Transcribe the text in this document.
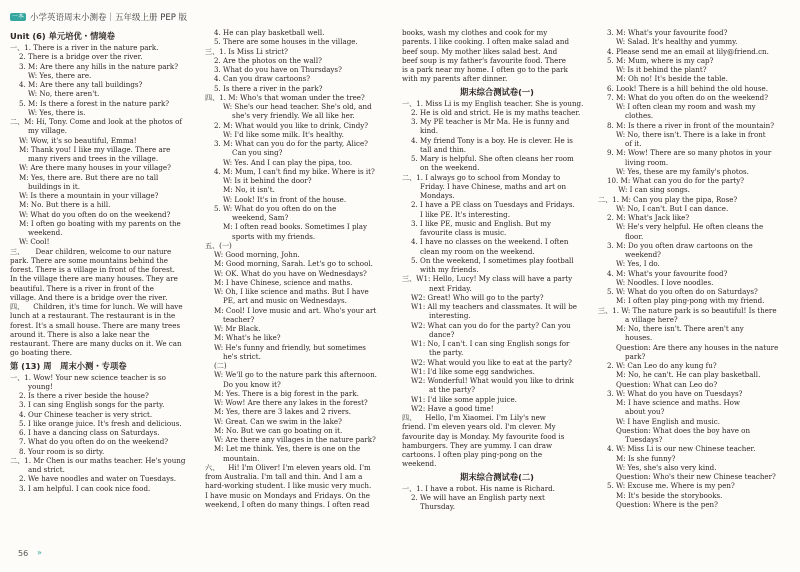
一本 小学英语周末小测卷｜五年级上册 PEP 版
Unit (6) 单元培优・情境卷
一、1. There is a river in the nature park.
2. There is a bridge over the river.
3. M: Are there any hills in the nature park?
W: Yes, there are.
4. M: Are there any tall buildings?
W: No, there aren't.
5. M: Is there a forest in the nature park?
W: Yes, there is.
二、M: Hi, Tony. Come and look at the photos of
my village.
W: Wow, it's so beautiful, Emma!
M: Thank you! I like my village. There are
many rivers and trees in the village.
W: Are there many houses in your village?
M: Yes, there are. But there are no tall
buildings in it.
W: Is there a mountain in your village?
M: No. But there is a hill.
W: What do you often do on the weekend?
M: I often go boating with my parents on the
weekend.
W: Cool!
三、     Dear children, welcome to our nature
park. There are some mountains behind the
forest. There is a village in front of the forest.
In the village there are many houses. They are
beautiful. There is a river in front of the
village. And there is a bridge over the river.
四、    Children, it's time for lunch. We will have
lunch at a restaurant. The restaurant is in the
forest. It's a small house. There are many trees
around it. There is also a lake near the
restaurant. There are many ducks on it. We can
go boating there.
第 (13) 周   周末小测・专项卷
一、1. Wow! Your new science teacher is so
young!
2. Is there a river beside the house?
3. I can sing English songs for the party.
4. Our Chinese teacher is very strict.
5. I like orange juice. It's fresh and delicious.
6. I have a dancing class on Saturdays.
7. What do you often do on the weekend?
8. Your room is so dirty.
二、1. Mr Chen is our maths teacher. He's young
and strict.
2. We have noodles and water on Tuesdays.
3. I am helpful. I can cook nice food.
4. He can play basketball well.
5. There are some houses in the village.
三、1. Is Miss Li strict?
2. Are the photos on the wall?
3. What do you have on Thursdays?
4. Can you draw cartoons?
5. Is there a river in the park?
四、1. M: Who's that woman under the tree?
W: She's our head teacher. She's old, and
she's very friendly. We all like her.
2. M: What would you like to drink, Cindy?
W: I'd like some milk. It's healthy.
3. M: What can you do for the party, Alice?
Can you sing?
W: Yes. And I can play the pipa, too.
4. M: Mum, I can't find my bike. Where is it?
W: Is it behind the door?
M: No, it isn't.
W: Look! It's in front of the house.
5. W: What do you often do on the
weekend, Sam?
M: I often read books. Sometimes I play
sports with my friends.
五、(一)
W: Good morning, John.
M: Good morning, Sarah. Let's go to school.
W: OK. What do you have on Wednesdays?
M: I have Chinese, science and maths.
W: Oh, I like science and maths. But I have
PE, art and music on Wednesdays.
M: Cool! I love music and art. Who's your art
teacher?
W: Mr Black.
M: What's he like?
W: He's funny and friendly, but sometimes
he's strict.
(二)
W: We'll go to the nature park this afternoon.
Do you know it?
M: Yes. There is a big forest in the park.
W: Wow! Are there any lakes in the forest?
M: Yes, there are 3 lakes and 2 rivers.
W: Great. Can we swim in the lake?
M: No. But we can go boating on it.
W: Are there any villages in the nature park?
M: Let me think. Yes, there is one on the
mountain.
六、    Hi! I'm Oliver! I'm eleven years old. I'm
from Australia. I'm tall and thin. And I am a
hard-working student. I like music very much.
I have music on Mondays and Fridays. On the
weekend, I often do many things. I often read
books, wash my clothes and cook for my
parents. I like cooking. I often make salad and
beef soup. My mother likes salad best. And
beef soup is my father's favourite food. There
is a park near my home. I often go to the park
with my parents after dinner.
期末综合测试卷(一)
一、1. Miss Li is my English teacher. She is young.
2. He is old and strict. He is my maths teacher.
3. My PE teacher is Mr Ma. He is funny and
kind.
4. My friend Tony is a boy. He is clever. He is
tall and thin.
5. Mary is helpful. She often cleans her room
on the weekend.
二、1. I always go to school from Monday to
Friday. I have Chinese, maths and art on
Mondays.
2. I have a PE class on Tuesdays and Fridays.
I like PE. It's interesting.
3. I like PE, music and English. But my
favourite class is music.
4. I have no classes on the weekend. I often
clean my room on the weekend.
5. On the weekend, I sometimes play football
with my friends.
三、W1: Hello, Lucy! My class will have a party
next Friday.
W2: Great! Who will go to the party?
W1: All my teachers and classmates. It will be
interesting.
W2: What can you do for the party? Can you
dance?
W1: No, I can't. I can sing English songs for
the party.
W2: What would you like to eat at the party?
W1: I'd like some egg sandwiches.
W2: Wonderful! What would you like to drink
at the party?
W1: I'd like some apple juice.
W2: Have a good time!
四、    Hello, I'm Xiaomei. I'm Lily's new
friend. I'm eleven years old. I'm clever. My
favourite day is Monday. My favourite food is
hamburgers. They are yummy. I can draw
cartoons. I often play ping-pong on the
weekend.
期末综合测试卷(二)
一、1. I have a robot. His name is Richard.
2. We will have an English party next
Thursday.
3. M: What's your favourite food?
W: Salad. It's healthy and yummy.
4. Please send me an email at lily@friend.cn.
5. M: Mum, where is my cap?
W: Is it behind the plant?
M: Oh no! It's beside the table.
6. Look! There is a hill behind the old house.
7. M: What do you often do on the weekend?
W: I often clean my room and wash my
clothes.
8. M: Is there a river in front of the mountain?
W: No, there isn't. There is a lake in front
of it.
9. M: Wow! There are so many photos in your
living room.
W: Yes, these are my family's photos.
10. M: What can you do for the party?
W: I can sing songs.
二、1. M: Can you play the pipa, Rose?
W: No, I can't. But I can dance.
2. M: What's Jack like?
W: He's very helpful. He often cleans the
floor.
3. M: Do you often draw cartoons on the
weekend?
W: Yes, I do.
4. M: What's your favourite food?
W: Noodles. I love noodles.
5. W: What do you often do on Saturdays?
M: I often play ping-pong with my friend.
三、1. W: The nature park is so beautiful! Is there
a village here?
M: No, there isn't. There aren't any
houses.
Question: Are there any houses in the nature
park?
2. W: Can Leo do any kung fu?
M: No, he can't. He can play basketball.
Question: What can Leo do?
3. W: What do you have on Tuesdays?
M: I have science and maths. How
about you?
W: I have English and music.
Question: What does the boy have on
Tuesdays?
4. W: Miss Li is our new Chinese teacher.
M: Is she funny?
W: Yes, she's also very kind.
Question: Who's their new Chinese teacher?
5. W: Excuse me. Where is my pen?
M: It's beside the storybooks.
Question: Where is the pen?
56 »
